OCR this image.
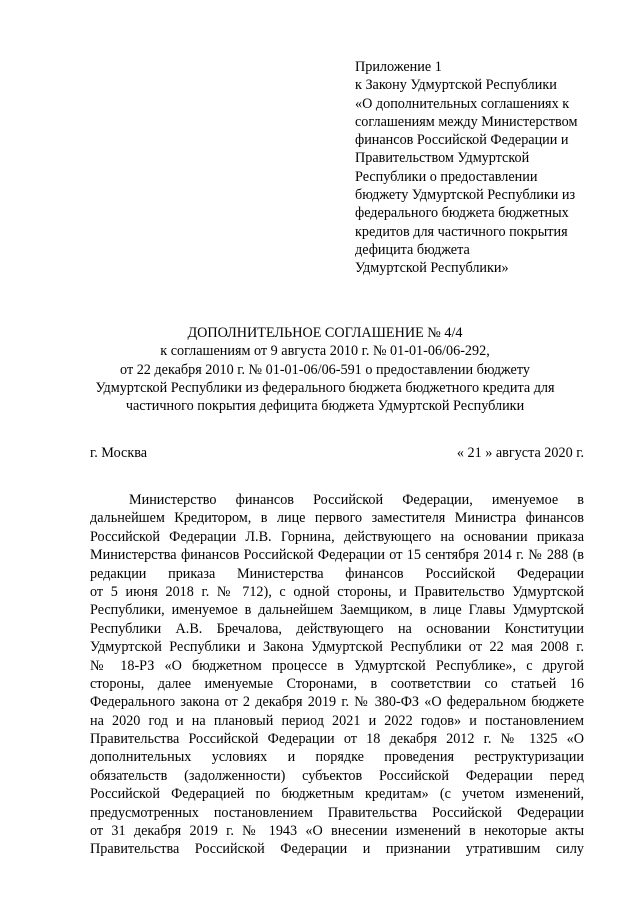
Приложение 1
к Закону Удмуртской Республики
«О дополнительных соглашениях к
соглашениям между Министерством
финансов Российской Федерации и
Правительством Удмуртской
Республики о предоставлении
бюджету Удмуртской Республики из
федерального бюджета бюджетных
кредитов для частичного покрытия
дефицита бюджета
Удмуртской Республики»
ДОПОЛНИТЕЛЬНОЕ СОГЛАШЕНИЕ № 4/4
к соглашениям от 9 августа 2010 г. № 01-01-06/06-292,
от 22 декабря 2010 г. № 01-01-06/06-591 о предоставлении бюджету
Удмуртской Республики из федерального бюджета бюджетного кредита для
частичного покрытия дефицита бюджета Удмуртской Республики
г. Москва	« 21 » августа 2020 г.
Министерство финансов Российской Федерации, именуемое в
дальнейшем Кредитором, в лице первого заместителя Министра финансов
Российской Федерации Л.В. Горнина, действующего на основании приказа
Министерства финансов Российской Федерации от 15 сентября 2014 г. № 288 (в
редакции приказа Министерства финансов Российской Федерации
от 5 июня 2018 г. № 712), с одной стороны, и Правительство Удмуртской
Республики, именуемое в дальнейшем Заемщиком, в лице Главы Удмуртской
Республики А.В. Бречалова, действующего на основании Конституции
Удмуртской Республики и Закона Удмуртской Республики от 22 мая 2008 г.
№ 18-РЗ «О бюджетном процессе в Удмуртской Республике», с другой
стороны, далее именуемые Сторонами, в соответствии со статьей 16
Федерального закона от 2 декабря 2019 г. № 380-ФЗ «О федеральном бюджете
на 2020 год и на плановый период 2021 и 2022 годов» и постановлением
Правительства Российской Федерации от 18 декабря 2012 г. № 1325 «О
дополнительных условиях и порядке проведения реструктуризации
обязательств (задолженности) субъектов Российской Федерации перед
Российской Федерацией по бюджетным кредитам» (с учетом изменений,
предусмотренных постановлением Правительства Российской Федерации
от 31 декабря 2019 г. № 1943 «О внесении изменений в некоторые акты
Правительства Российской Федерации и признании утратившим силу
